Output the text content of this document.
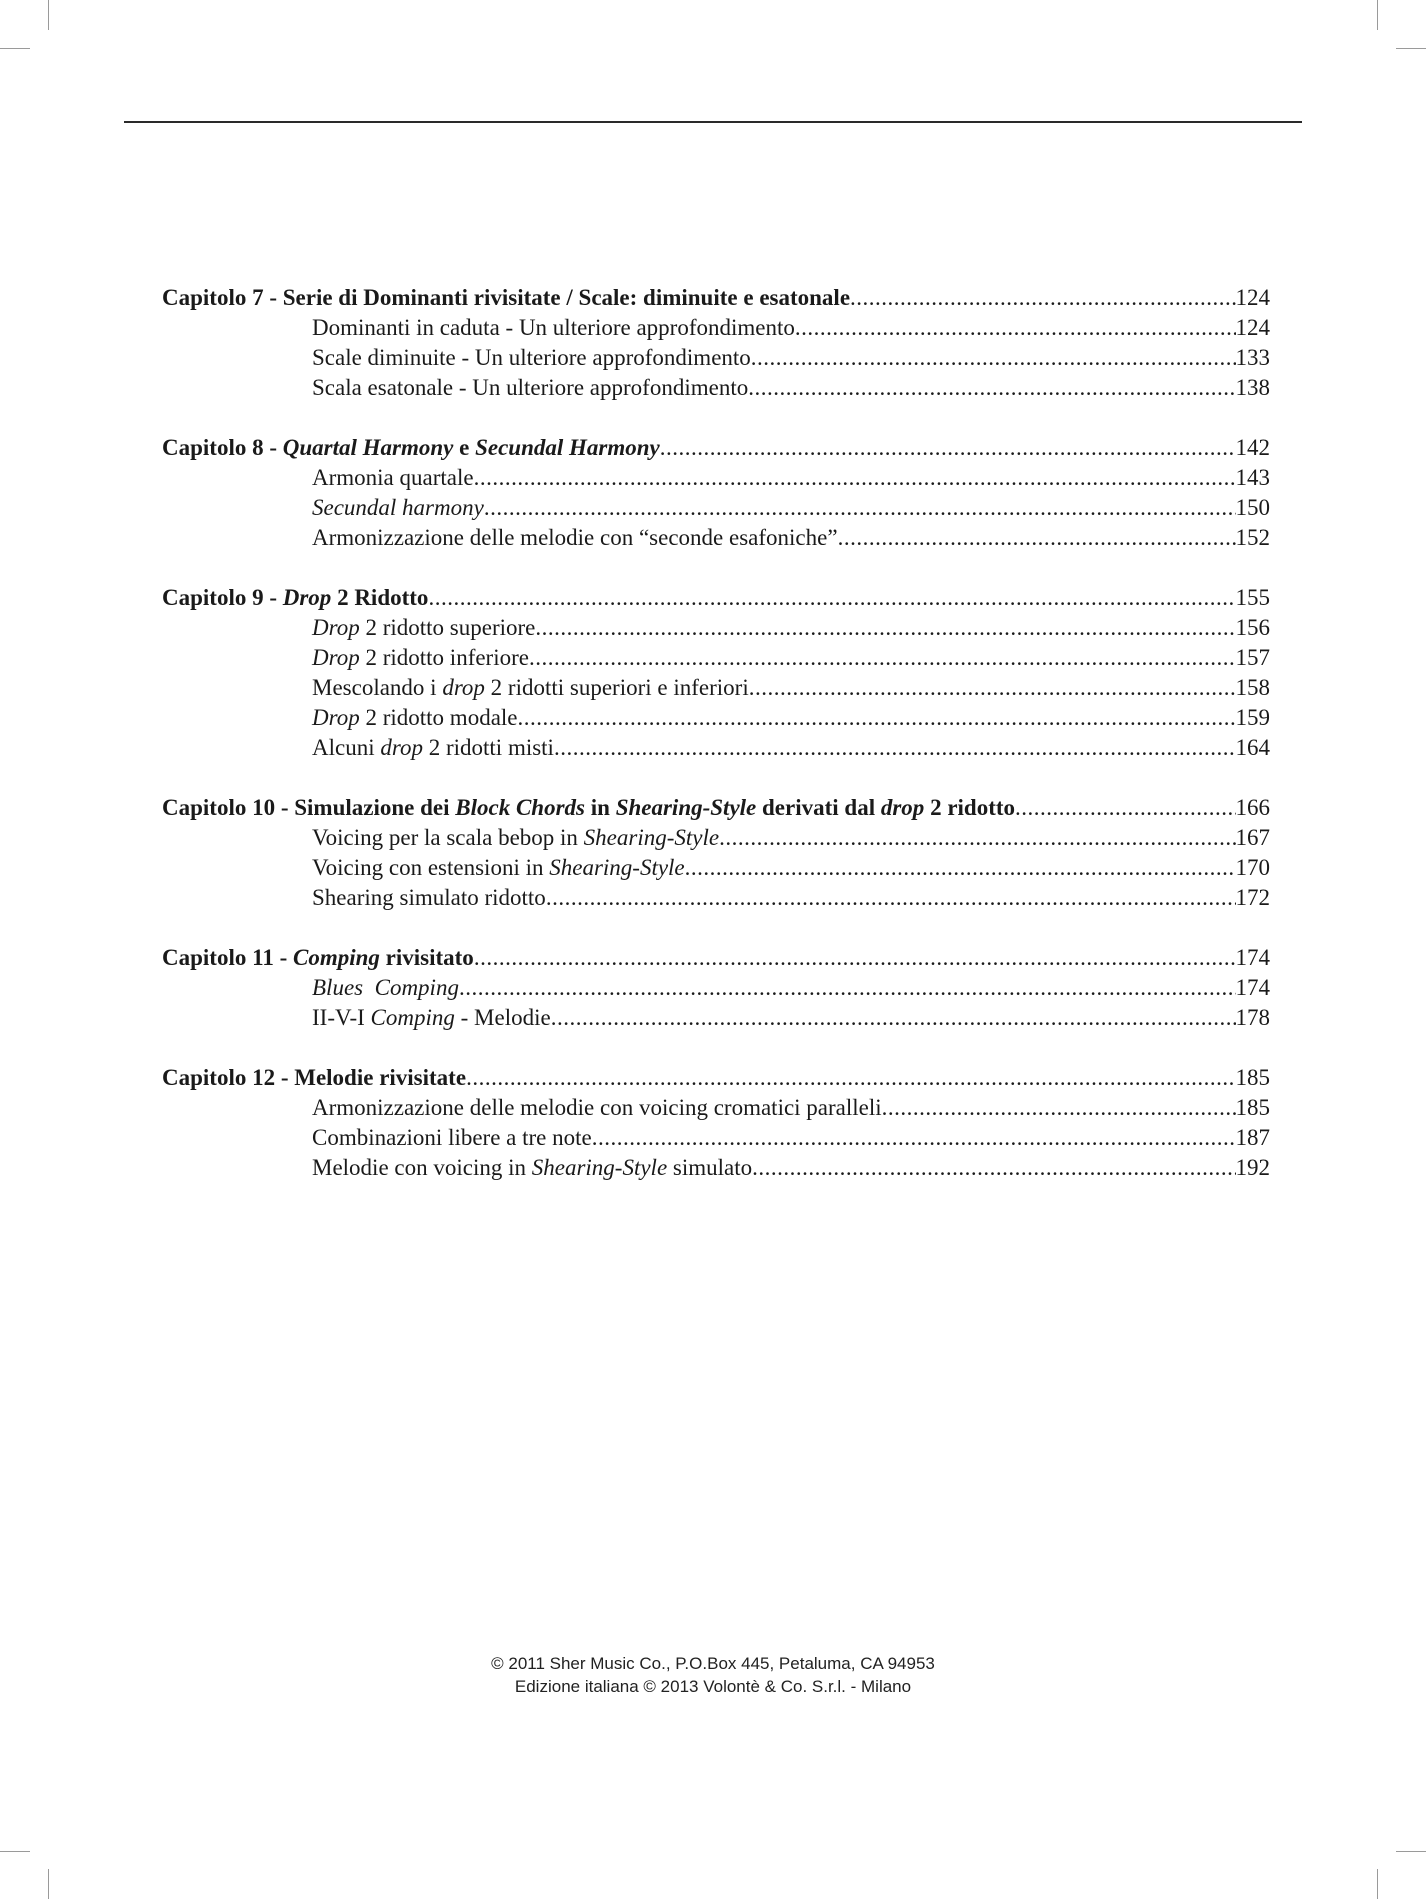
Capitolo 7 - Serie di Dominanti rivisitate / Scale: diminuite e esatonale .....	124
Dominanti in caduta - Un ulteriore approfondimento .....	124
Scale diminuite - Un ulteriore approfondimento .....	133
Scala esatonale - Un ulteriore approfondimento .....	138
Capitolo 8 - Quartal Harmony e Secundal Harmony .....	142
Armonia quartale .....	143
Secundal harmony .....	150
Armonizzazione delle melodie con “seconde esafoniche” .....	152
Capitolo 9 - Drop 2 Ridotto .....	155
Drop 2 ridotto superiore .....	156
Drop 2 ridotto inferiore .....	157
Mescolando i drop 2 ridotti superiori e inferiori .....	158
Drop 2 ridotto modale .....	159
Alcuni drop 2 ridotti misti .....	164
Capitolo 10 - Simulazione dei Block Chords in Shearing-Style derivati dal drop 2 ridotto .....	166
Voicing per la scala bebop in Shearing-Style .....	167
Voicing con estensioni in Shearing-Style .....	170
Shearing simulato ridotto .....	172
Capitolo 11 - Comping rivisitato .....	174
Blues  Comping .....	174
II-V-I Comping - Melodie .....	178
Capitolo 12 - Melodie rivisitate .....	185
Armonizzazione delle melodie con voicing cromatici paralleli .....	185
Combinazioni libere a tre note .....	187
Melodie con voicing in Shearing-Style simulato .....	192
© 2011 Sher Music Co., P.O.Box 445, Petaluma, CA 94953
Edizione italiana © 2013 Volontè & Co. S.r.l. - Milano
